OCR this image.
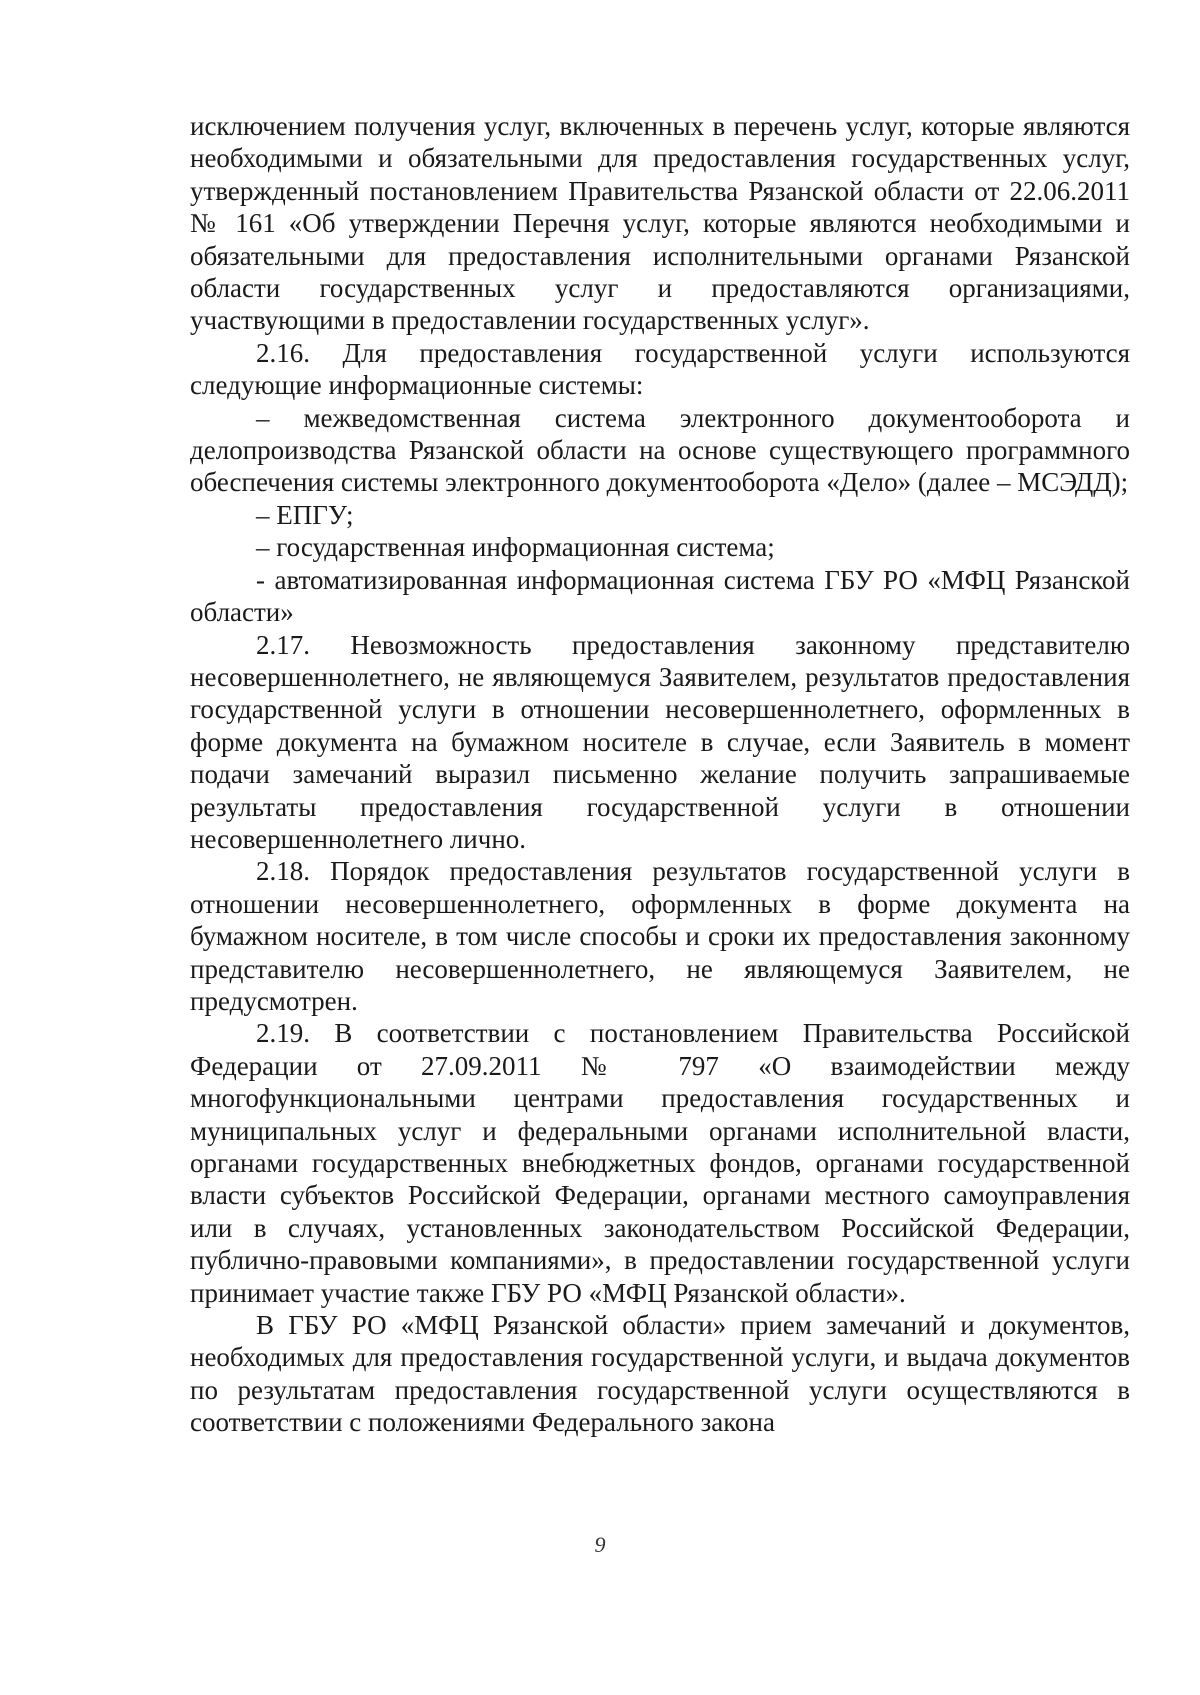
исключением получения услуг, включенных в перечень услуг, которые являются необходимыми и обязательными для предоставления государственных услуг, утвержденный постановлением Правительства Рязанской области от 22.06.2011 № 161 «Об утверждении Перечня услуг, которые являются необходимыми и обязательными для предоставления исполнительными органами Рязанской области государственных услуг и предоставляются организациями, участвующими в предоставлении государственных услуг».

2.16. Для предоставления государственной услуги используются следующие информационные системы:

– межведомственная система электронного документооборота и делопроизводства Рязанской области на основе существующего программного обеспечения системы электронного документооборота «Дело» (далее – МСЭДД);

– ЕПГУ;

– государственная информационная система;

- автоматизированная информационная система ГБУ РО «МФЦ Рязанской области»

2.17. Невозможность предоставления законному представителю несовершеннолетнего, не являющемуся Заявителем, результатов предоставления государственной услуги в отношении несовершеннолетнего, оформленных в форме документа на бумажном носителе в случае, если Заявитель в момент подачи замечаний выразил письменно желание получить запрашиваемые результаты предоставления государственной услуги в отношении несовершеннолетнего лично.

2.18. Порядок предоставления результатов государственной услуги в отношении несовершеннолетнего, оформленных в форме документа на бумажном носителе, в том числе способы и сроки их предоставления законному представителю несовершеннолетнего, не являющемуся Заявителем, не предусмотрен.

2.19. В соответствии с постановлением Правительства Российской Федерации от 27.09.2011 № 797 «О взаимодействии между многофункциональными центрами предоставления государственных и муниципальных услуг и федеральными органами исполнительной власти, органами государственных внебюджетных фондов, органами государственной власти субъектов Российской Федерации, органами местного самоуправления или в случаях, установленных законодательством Российской Федерации, публично-правовыми компаниями», в предоставлении государственной услуги принимает участие также ГБУ РО «МФЦ Рязанской области».

В ГБУ РО «МФЦ Рязанской области» прием замечаний и документов, необходимых для предоставления государственной услуги, и выдача документов по результатам предоставления государственной услуги осуществляются в соответствии с положениями Федерального закона

9
